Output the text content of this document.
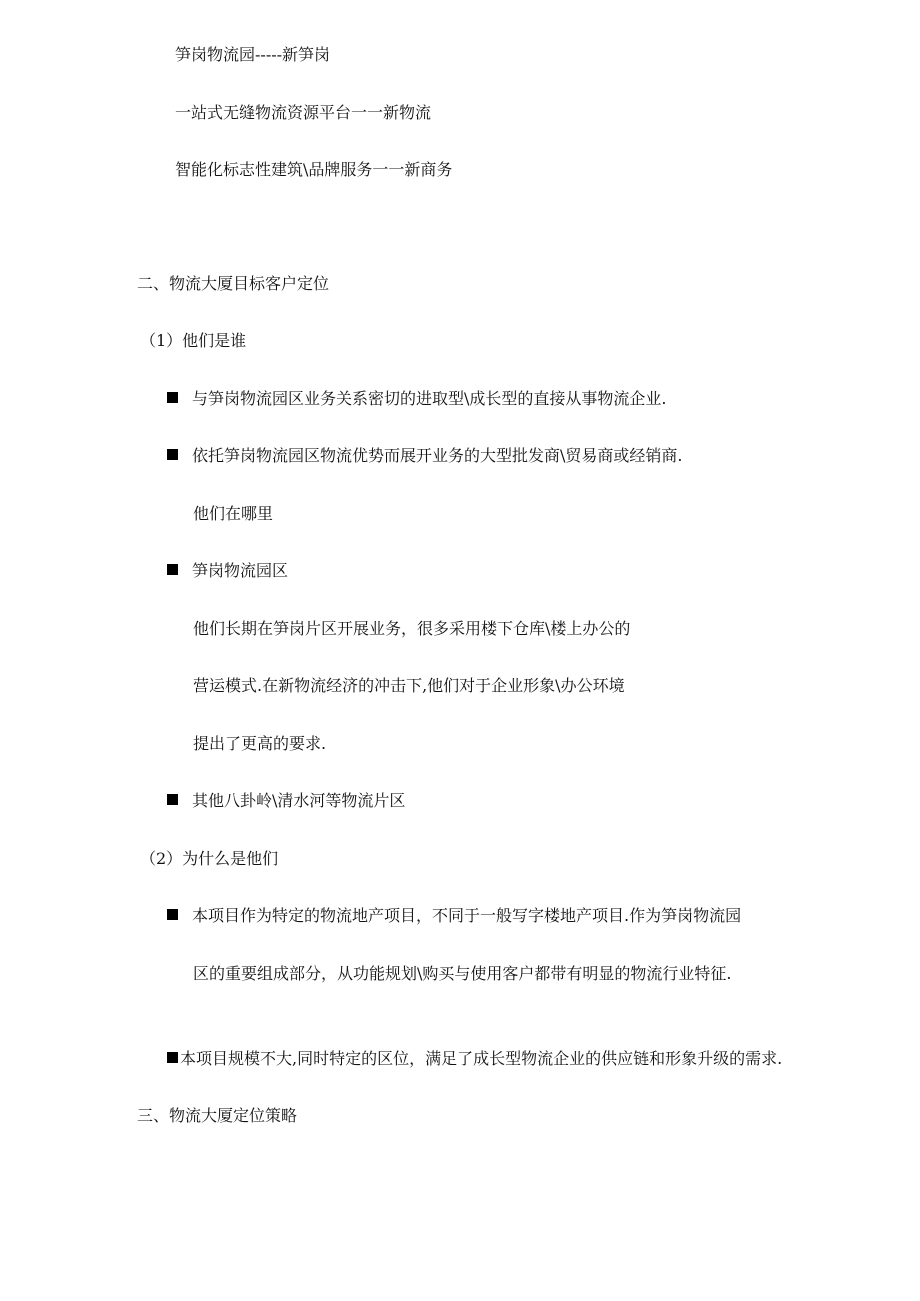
笋岗物流园-----新笋岗
一站式无缝物流资源平台一一新物流
智能化标志性建筑\品牌服务一一新商务
二、物流大厦目标客户定位
（1）他们是谁
与笋岗物流园区业务关系密切的进取型\成长型的直接从事物流企业.
依托笋岗物流园区物流优势而展开业务的大型批发商\贸易商或经销商.
他们在哪里
笋岗物流园区
他们长期在笋岗片区开展业务，很多采用楼下仓库\楼上办公的
营运模式.在新物流经济的冲击下,他们对于企业形象\办公环境
提出了更高的要求.
其他八卦岭\清水河等物流片区
（2）为什么是他们
本项目作为特定的物流地产项目，不同于一般写字楼地产项目.作为笋岗物流园
区的重要组成部分，从功能规划\购买与使用客户都带有明显的物流行业特征.
本项目规模不大,同时特定的区位，满足了成长型物流企业的供应链和形象升级的需求.
三、物流大厦定位策略
